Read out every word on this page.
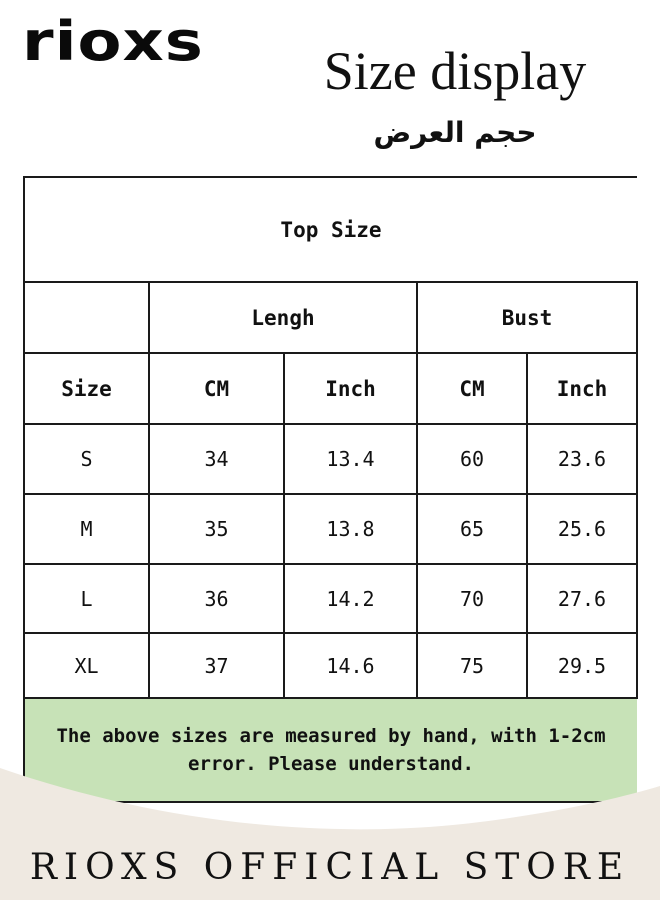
rioxs	Size display
حجم العرض
Top Size				
	Lengh		Bust	
Size	CM	Inch	CM	Inch
S	34	13.4	60	23.6
M	35	13.8	65	25.6
L	36	14.2	70	27.6
XL	37	14.6	75	29.5
The above sizes are measured by hand, with 1-2cm error. Please understand.				
RIOXS OFFICIAL STORE
